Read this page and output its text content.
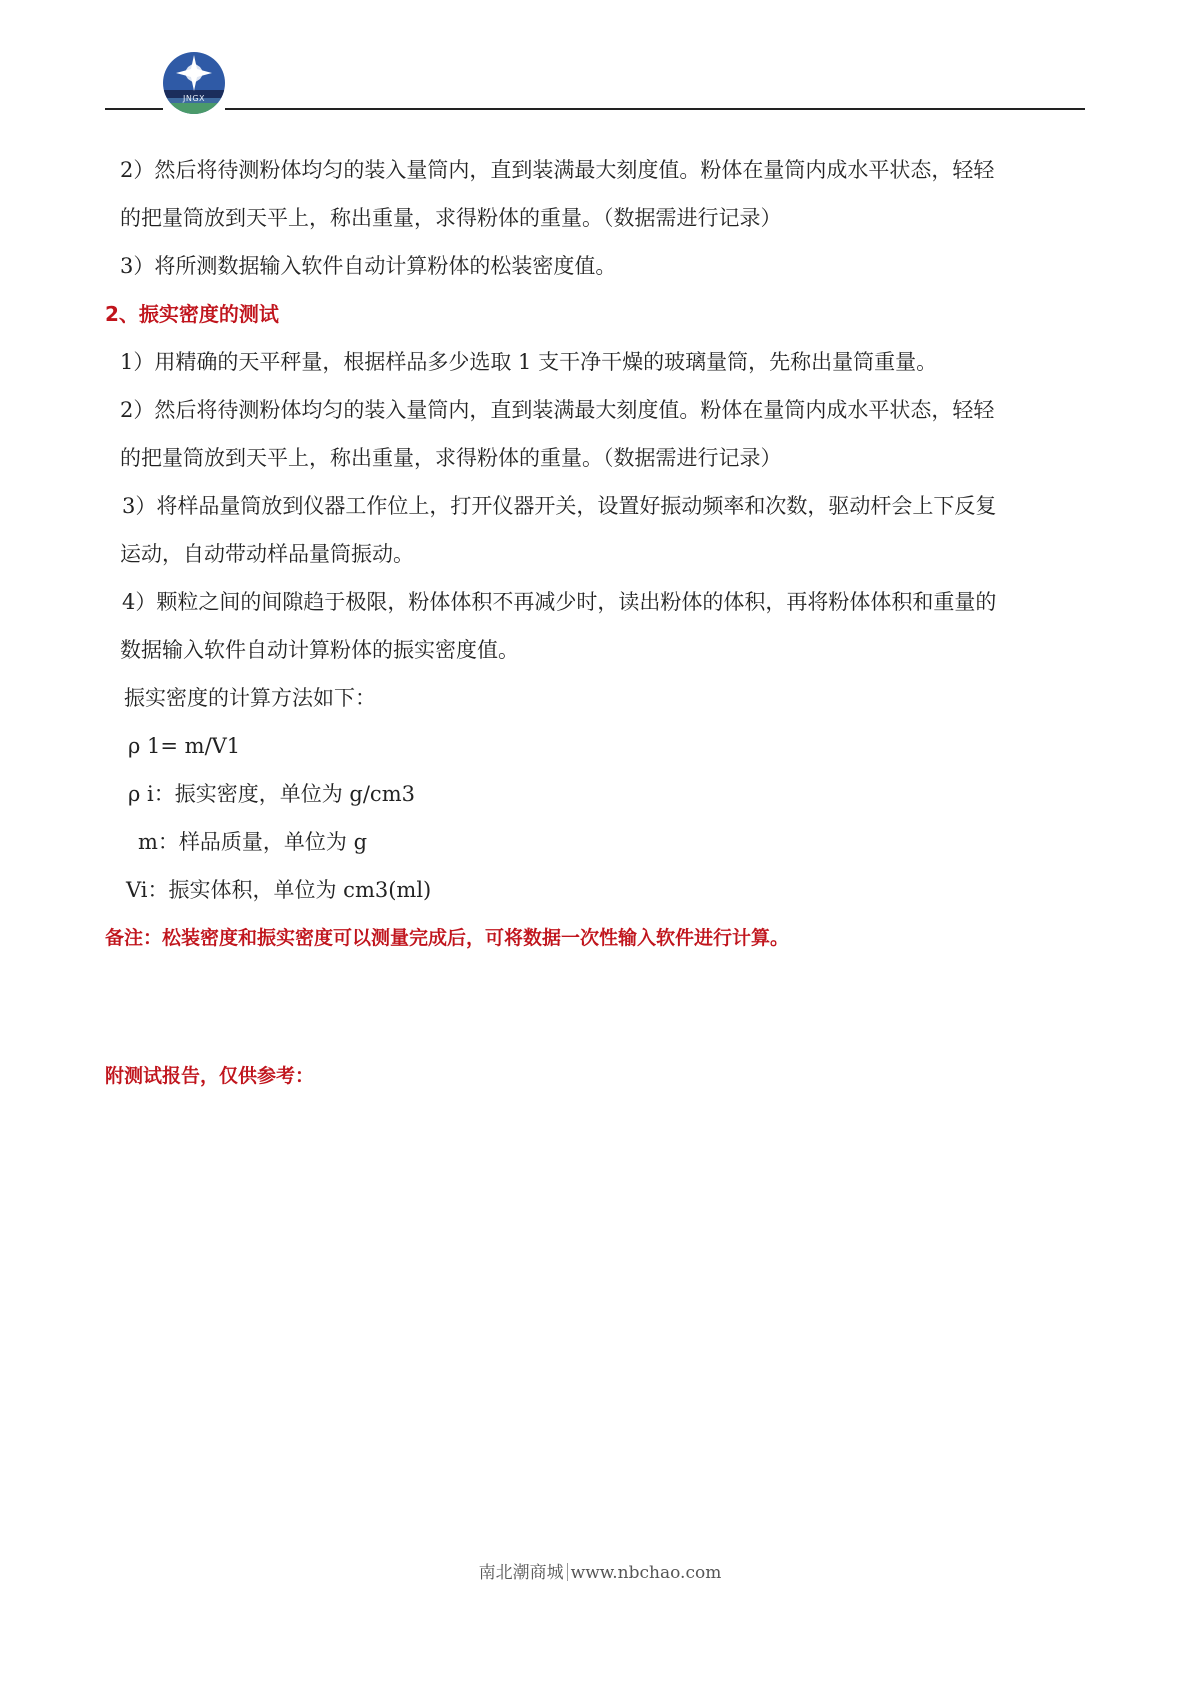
JNGX
2）然后将待测粉体均匀的装入量筒内，直到装满最大刻度值。粉体在量筒内成水平状态，轻轻
的把量筒放到天平上，称出重量，求得粉体的重量。（数据需进行记录）
3）将所测数据输入软件自动计算粉体的松装密度值。
2、振实密度的测试
1）用精确的天平秤量，根据样品多少选取 1 支干净干燥的玻璃量筒，先称出量筒重量。
2）然后将待测粉体均匀的装入量筒内，直到装满最大刻度值。粉体在量筒内成水平状态，轻轻
的把量筒放到天平上，称出重量，求得粉体的重量。（数据需进行记录）
3）将样品量筒放到仪器工作位上，打开仪器开关，设置好振动频率和次数，驱动杆会上下反复
运动，自动带动样品量筒振动。
4）颗粒之间的间隙趋于极限，粉体体积不再减少时，读出粉体的体积，再将粉体体积和重量的
数据输入软件自动计算粉体的振实密度值。
振实密度的计算方法如下：
ρ 1= m/V1
ρ i：振实密度，单位为 g/cm3
m：样品质量，单位为 g
Vi：振实体积，单位为 cm3(ml)
备注：松装密度和振实密度可以测量完成后，可将数据一次性输入软件进行计算。
附测试报告，仅供参考：
南北潮商城 www.nbchao.com
